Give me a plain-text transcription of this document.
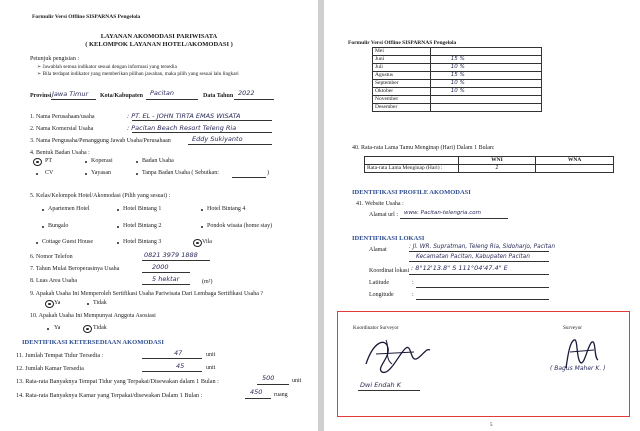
Formulir Versi Offline SISPARNAS Pengelola
LAYANAN AKOMODASI PARIWISATA
( KELOMPOK LAYANAN HOTEL/AKOMODASI )
Petunjuk pengisian :
➢ Jawablah semua indikator sesuai dengan informasi yang tersedia
➢ Bila terdapat indikator yang memberikan pilihan jawaban, maka pilih yang sesuai lalu lingkari
Provinsi Jawa Timur Kota/Kabupaten Pacitan	Data Tahun 2022
1. Nama Perusahaan/usaha	: PT. EL - JOHN TIRTA EMAS WISATA
2. Nama Komersial Usaha	: Pacitan Beach Resort Teleng Ria
3. Nama Pengusaha/Penanggung Jawab Usaha/Perusahaan	Eddy Sukiyanto
4. Bentuk Badan Usaha :
PT	Koperasi	Badan Usaha
CV	Yayasan	Tanpa Badan Usaha ( Sebutkan:	)
5. Kelas/Kelompok Hotel/Akomodasi (Pilih yang sesuai) :
Apartemen Hotel	Hotel Bintang 1	Hotel Bintang 4
Bungalo	Hotel Bintang 2	Pondok wisata (home stay)
Cottage Guest House	Hotel Bintang 3	Vila
6. Nomor Telefon	0821 3979 1888
7. Tahun Mulai Beroperasinya Usaha	2000
8. Luas Area Usaha	5 hektar	(m²)
9. Apakah Usaha Ini Memperoleh Sertifikasi Usaha Pariwisata Dari Lembaga Sertifikasi Usaha ?
Ya	Tidak
10. Apakah Usaha Ini Mempunyai Anggota Asosiasi
Ya	Tidak
IDENTIFIKASI KETERSEDIAAN AKOMODASI
11. Jumlah Tempat Tidur Tersedia :	47	unit
12. Jumlah Kamar Tersedia	45	unit
13. Rata-rata Banyaknya Tempat Tidur yang Terpakai/Disewakan dalam 1 Bulan :	500	unit
14. Rata-rata Banyaknya Kamar yang Terpakai/disewakan Dalam 1 Bulan :	450 ruang
Formulir Versi Offline SISPARNAS Pengelola
Mei	
Juni	15 %
Juli	10 %
Agustus	15 %
September	10 %
Oktober	10 %
November	
Desember	
40. Rata-rata Lama Tamu Menginap (Hari) Dalam 1 Bulan:
	WNI	WNA
Rata-rata Lama Menginap (Hari) :	1	
IDENTIFIKASI PROFILE AKOMODASI
41. Website Usaha :
Alamat url : www. Pacitan-telengria.com
IDENTIFIKASI LOKASI
Alamat	: Jl. WR. Supratman, Teleng Ria, Sidoharjo, Pacitan
Kecamatan Pacitan, Kabupaten Pacitan
Koordinat lokasi : 8°12'13.8" S 111°04'47.4" E
Latitude	:
Longitude	:
Koordinator Surveyor
Dwi Endah K
Surveyor
( Bagus Maher K. )
5
